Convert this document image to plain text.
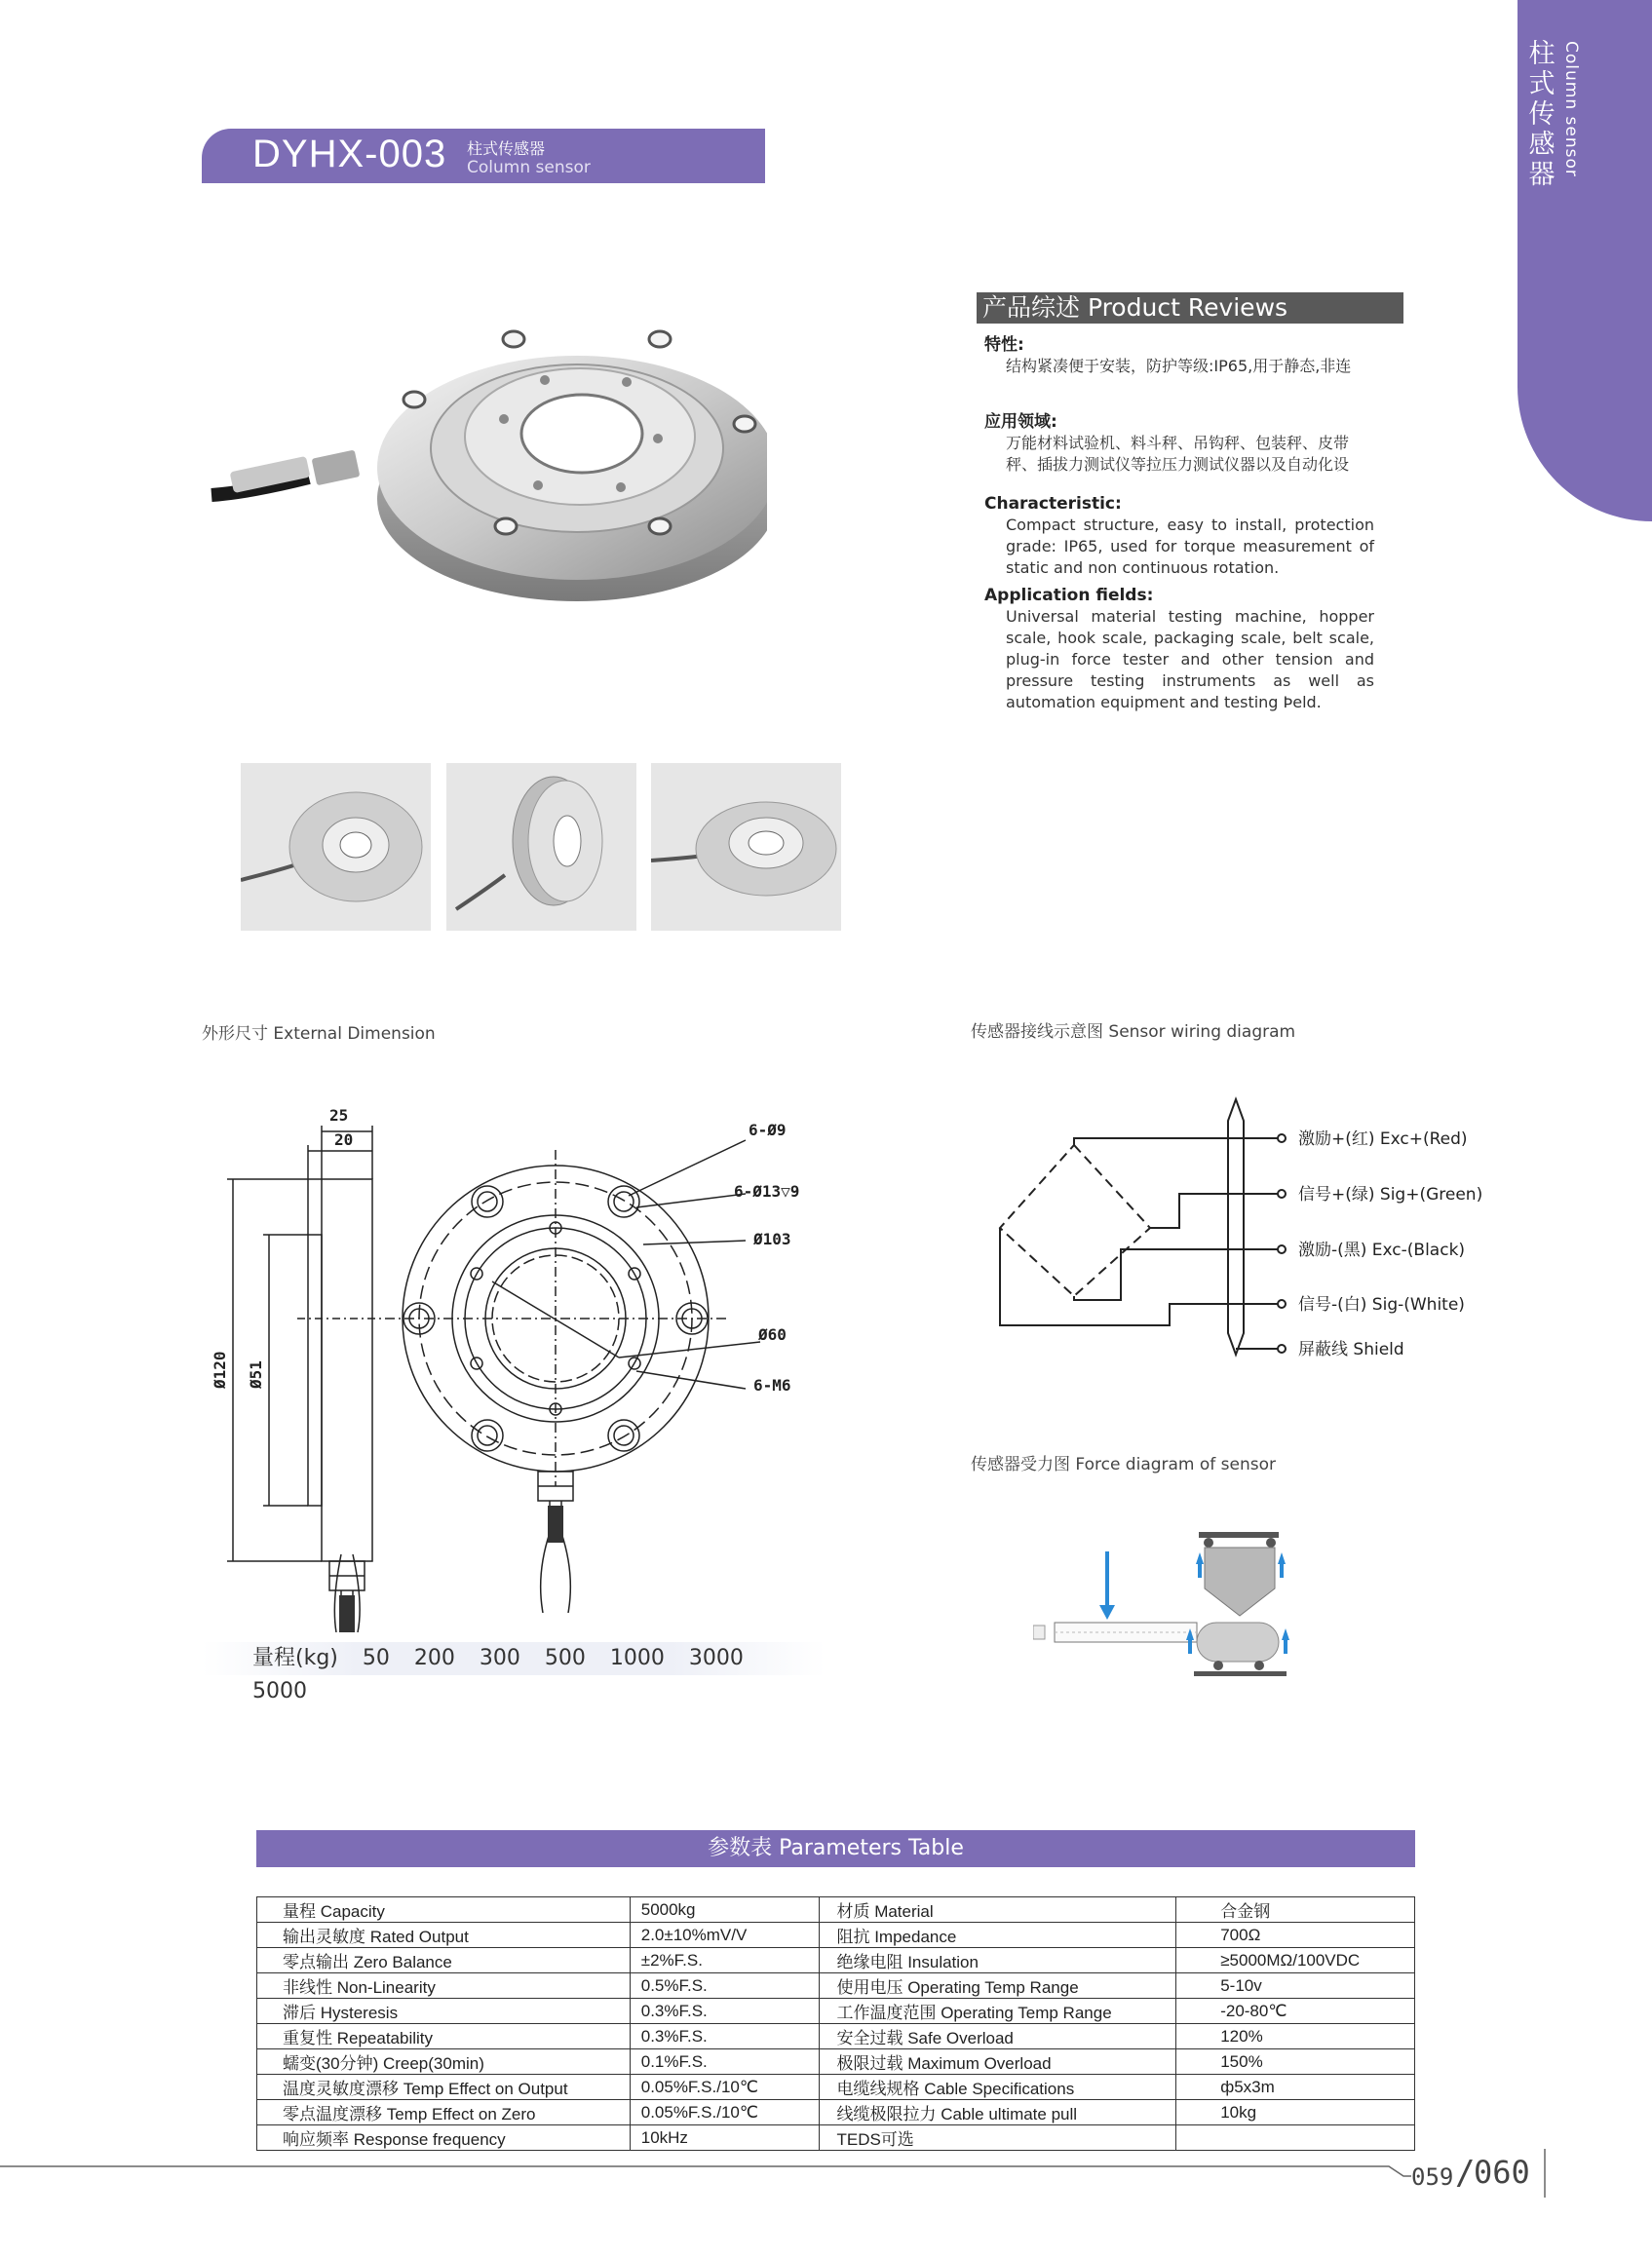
柱式传感器 Column sensor
DYHX-003 柱式传感器
Column sensor
产品综述 Product Reviews
特性:
结构紧凑便于安装，防护等级:IP65,用于静态,非连
应用领域:
万能材料试验机、料斗秤、吊钩秤、包装秤、皮带秤、插拔力测试仪等拉压力测试仪器以及自动化设
Characteristic:
Compact structure, easy to install, protection grade: IP65, used for torque measurement of static and non continuous rotation.
Application fields:
Universal material testing machine, hopper scale, hook scale, packaging scale, belt scale, plug-in force tester and other tension and pressure testing instruments as well as automation equipment and testing Þeld.
外形尺寸 External Dimension	传感器接线示意图 Sensor wiring diagram
传感器受力图 Force diagram of sensor
25
20
6-Ø9
6-Ø13▽9
Ø103
Ø60
6-M6
Ø120 Ø51
量程(kg) 50 200 300 500 1000 3000 5000
激励+(红) Exc+(Red)
信号+(绿) Sig+(Green)
激励-(黑) Exc-(Black)
信号-(白) Sig-(White)
屏蔽线 Shield
参数表 Parameters Table
量程 Capacity	5000kg	材质 Material	合金钢
输出灵敏度 Rated Output	2.0±10%mV/V	阻抗 Impedance	700Ω
零点输出 Zero Balance	±2%F.S.	绝缘电阻 Insulation	≥5000MΩ/100VDC
非线性 Non-Linearity	0.5%F.S.	使用电压 Operating Temp Range	5-10v
滞后 Hysteresis	0.3%F.S.	工作温度范围 Operating Temp Range	-20-80℃
重复性 Repeatability	0.3%F.S.	安全过载 Safe Overload	120%
蠕变(30分钟) Creep(30min)	0.1%F.S.	极限过载 Maximum Overload	150%
温度灵敏度漂移 Temp Effect on Output	0.05%F.S./10℃	电缆线规格 Cable Specifications	ф5x3m
零点温度漂移 Temp Effect on Zero	0.05%F.S./10℃	线缆极限拉力 Cable ultimate pull	10kg
响应频率 Response frequency	10kHz	TEDS可选	
059 /
060
